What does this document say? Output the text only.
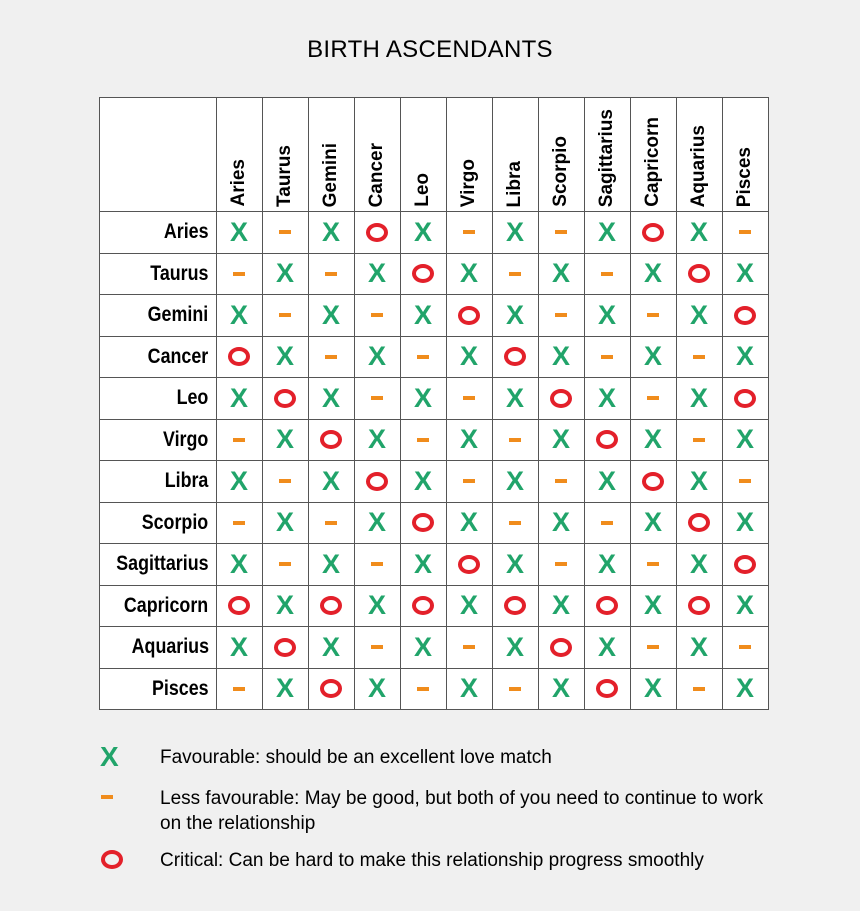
BIRTH ASCENDANTS

	Aries	Taurus	Gemini	Cancer	Leo	Virgo	Libra	Scorpio	Sagittarius	Capricorn	Aquarius	Pisces

Aries	X		X		X		X		X		X	
Taurus		X		X		X		X		X		X
Gemini	X		X		X		X		X		X	
Cancer		X		X		X		X		X		X
Leo	X		X		X		X		X		X	
Virgo		X		X		X		X		X		X
Libra	X		X		X		X		X		X	
Scorpio		X		X		X		X		X		X
Sagittarius	X		X		X		X		X		X	
Capricorn		X		X		X		X		X		X
Aquarius	X		X		X		X		X		X	
Pisces		X		X		X		X		X		X
X Favourable: should be an excellent love match
Less favourable: May be good, but both of you need to continue to work on the relationship
Critical: Can be hard to make this relationship progress smoothly
